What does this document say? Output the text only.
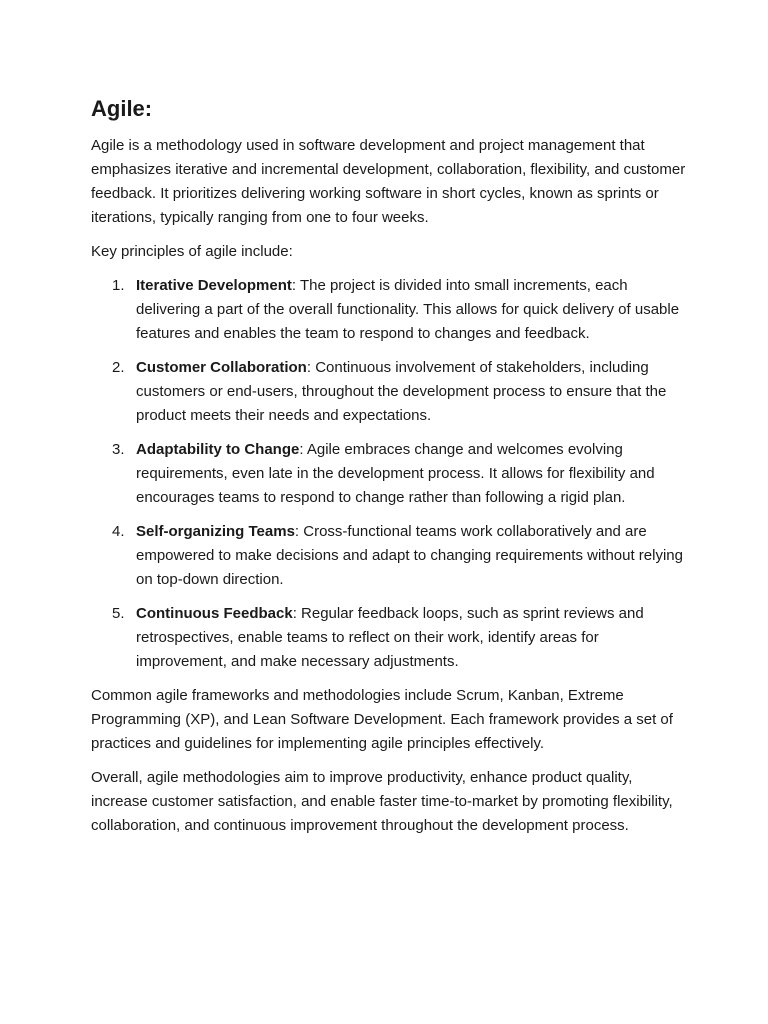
Agile:

Agile is a methodology used in software development and project management that emphasizes iterative and incremental development, collaboration, flexibility, and customer feedback. It prioritizes delivering working software in short cycles, known as sprints or iterations, typically ranging from one to four weeks.

Key principles of agile include:

1. Iterative Development: The project is divided into small increments, each delivering a part of the overall functionality. This allows for quick delivery of usable features and enables the team to respond to changes and feedback.
2. Customer Collaboration: Continuous involvement of stakeholders, including customers or end-users, throughout the development process to ensure that the product meets their needs and expectations.
3. Adaptability to Change: Agile embraces change and welcomes evolving requirements, even late in the development process. It allows for flexibility and encourages teams to respond to change rather than following a rigid plan.
4. Self-organizing Teams: Cross-functional teams work collaboratively and are empowered to make decisions and adapt to changing requirements without relying on top-down direction.
5. Continuous Feedback: Regular feedback loops, such as sprint reviews and retrospectives, enable teams to reflect on their work, identify areas for improvement, and make necessary adjustments.

Common agile frameworks and methodologies include Scrum, Kanban, Extreme Programming (XP), and Lean Software Development. Each framework provides a set of practices and guidelines for implementing agile principles effectively.

Overall, agile methodologies aim to improve productivity, enhance product quality, increase customer satisfaction, and enable faster time-to-market by promoting flexibility, collaboration, and continuous improvement throughout the development process.
